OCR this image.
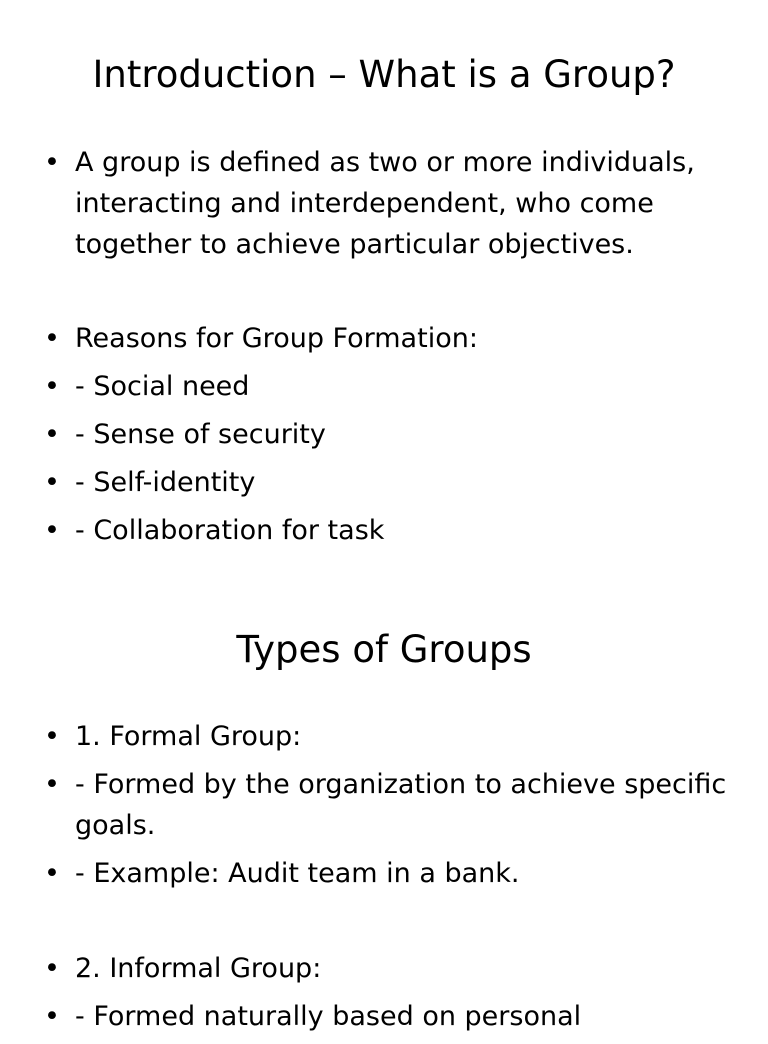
Introduction – What is a Group?
• A group is defined as two or more individuals, interacting and interdependent, who come together to achieve particular objectives.
• Reasons for Group Formation:
• - Social need
• - Sense of security
• - Self-identity
• - Collaboration for task
Types of Groups
• 1. Formal Group:
• - Formed by the organization to achieve specific goals.
• - Example: Audit team in a bank.
• 2. Informal Group:
• - Formed naturally based on personal
